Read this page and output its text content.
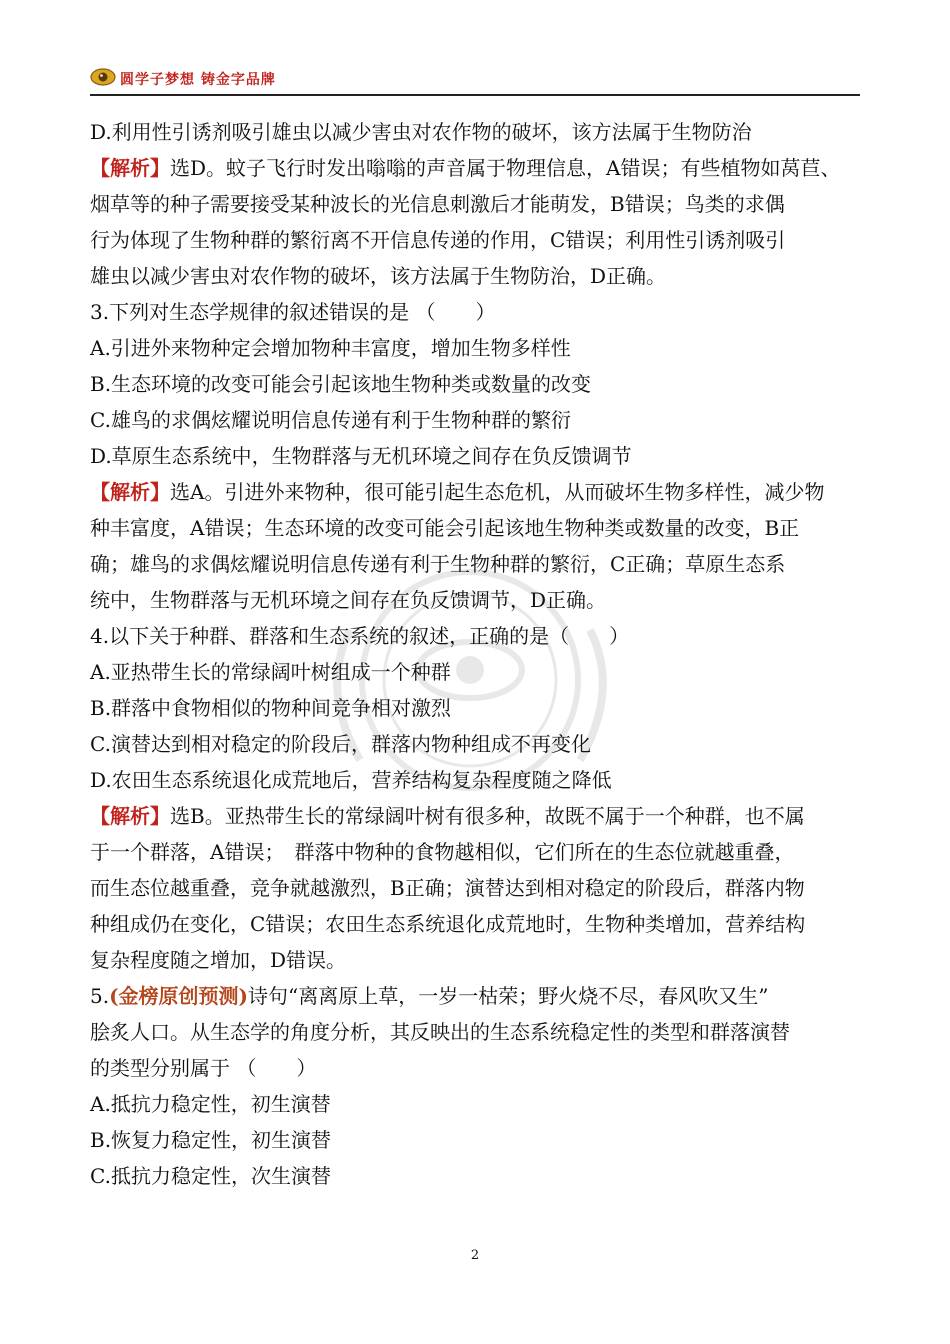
圆学子梦想 铸金字品牌
D.利用性引诱剂吸引雄虫以减少害虫对农作物的破坏，该方法属于生物防治
【解析】选D。蚊子飞行时发出嗡嗡的声音属于物理信息，A错误；有些植物如莴苣、
烟草等的种子需要接受某种波长的光信息刺激后才能萌发，B错误；鸟类的求偶
行为体现了生物种群的繁衍离不开信息传递的作用，C错误；利用性引诱剂吸引
雄虫以减少害虫对农作物的破坏，该方法属于生物防治，D正确。
3.下列对生态学规律的叙述错误的是 （　　）
A.引进外来物种定会增加物种丰富度，增加生物多样性
B.生态环境的改变可能会引起该地生物种类或数量的改变
C.雄鸟的求偶炫耀说明信息传递有利于生物种群的繁衍
D.草原生态系统中，生物群落与无机环境之间存在负反馈调节
【解析】选A。引进外来物种，很可能引起生态危机，从而破坏生物多样性，减少物
种丰富度，A错误；生态环境的改变可能会引起该地生物种类或数量的改变，B正
确；雄鸟的求偶炫耀说明信息传递有利于生物种群的繁衍，C正确；草原生态系
统中，生物群落与无机环境之间存在负反馈调节，D正确。
4.以下关于种群、群落和生态系统的叙述，正确的是（　　）
A.亚热带生长的常绿阔叶树组成一个种群
B.群落中食物相似的物种间竞争相对激烈
C.演替达到相对稳定的阶段后，群落内物种组成不再变化
D.农田生态系统退化成荒地后，营养结构复杂程度随之降低
【解析】选B。亚热带生长的常绿阔叶树有很多种，故既不属于一个种群，也不属
于一个群落，A错误；　群落中物种的食物越相似，它们所在的生态位就越重叠，
而生态位越重叠，竞争就越激烈，B正确；演替达到相对稳定的阶段后，群落内物
种组成仍在变化，C错误；农田生态系统退化成荒地时，生物种类增加，营养结构
复杂程度随之增加，D错误。
5.(金榜原创预测)诗句“离离原上草，一岁一枯荣；野火烧不尽，春风吹又生”
脍炙人口。从生态学的角度分析，其反映出的生态系统稳定性的类型和群落演替
的类型分别属于 （　　）
A.抵抗力稳定性，初生演替
B.恢复力稳定性，初生演替
C.抵抗力稳定性，次生演替
2
